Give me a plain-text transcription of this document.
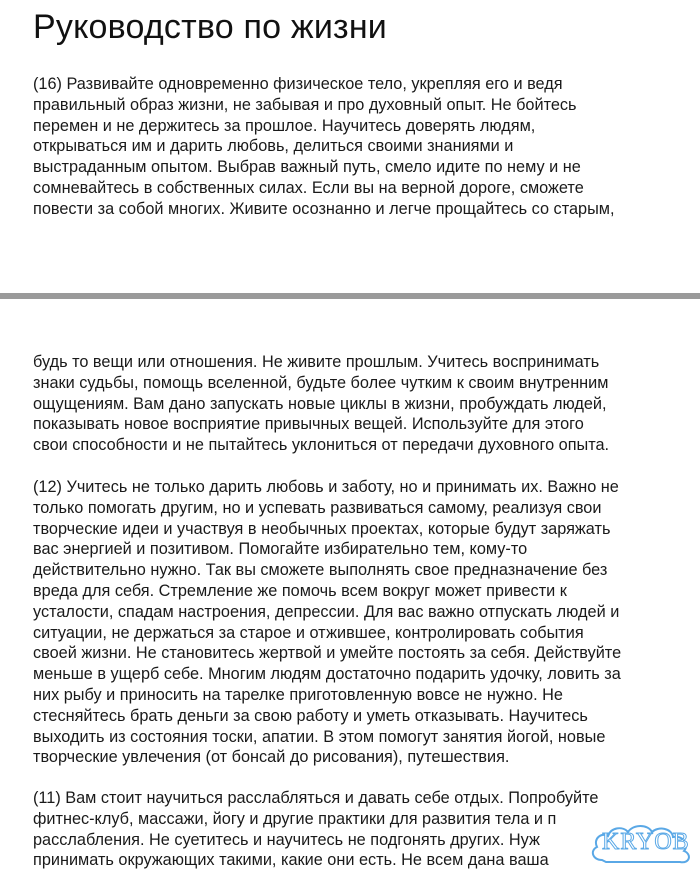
Руководство по жизни
(16) Развивайте одновременно физическое тело, укрепляя его и ведя
правильный образ жизни, не забывая и про духовный опыт. Не бойтесь
перемен и не держитесь за прошлое. Научитесь доверять людям,
открываться им и дарить любовь, делиться своими знаниями и
выстраданным опытом. Выбрав важный путь, смело идите по нему и не
сомневайтесь в собственных силах. Если вы на верной дороге, сможете
повести за собой многих. Живите осознанно и легче прощайтесь со старым,
будь то вещи или отношения. Не живите прошлым. Учитесь воспринимать
знаки судьбы, помощь вселенной, будьте более чутким к своим внутренним
ощущениям. Вам дано запускать новые циклы в жизни, пробуждать людей,
показывать новое восприятие привычных вещей. Используйте для этого
свои способности и не пытайтесь уклониться от передачи духовного опыта.
(12) Учитесь не только дарить любовь и заботу, но и принимать их. Важно не
только помогать другим, но и успевать развиваться самому, реализуя свои
творческие идеи и участвуя в необычных проектах, которые будут заряжать
вас энергией и позитивом. Помогайте избирательно тем, кому-то
действительно нужно. Так вы сможете выполнять свое предназначение без
вреда для себя. Стремление же помочь всем вокруг может привести к
усталости, спадам настроения, депрессии. Для вас важно отпускать людей и
ситуации, не держаться за старое и отжившее, контролировать события
своей жизни. Не становитесь жертвой и умейте постоять за себя. Действуйте
меньше в ущерб себе. Многим людям достаточно подарить удочку, ловить за
них рыбу и приносить на тарелке приготовленную вовсе не нужно. Не
стесняйтесь брать деньги за свою работу и уметь отказывать. Научитесь
выходить из состояния тоски, апатии. В этом помогут занятия йогой, новые
творческие увлечения (от бонсай до рисования), путешествия.
(11) Вам стоит научиться расслабляться и давать себе отдых. Попробуйте
фитнес-клуб, массажи, йогу и другие практики для развития тела и п
расслабления. Не суетитесь и научитесь не подгонять других. Нуж
принимать окружающих такими, какие они есть. Не всем дана ваша
KRYOB
